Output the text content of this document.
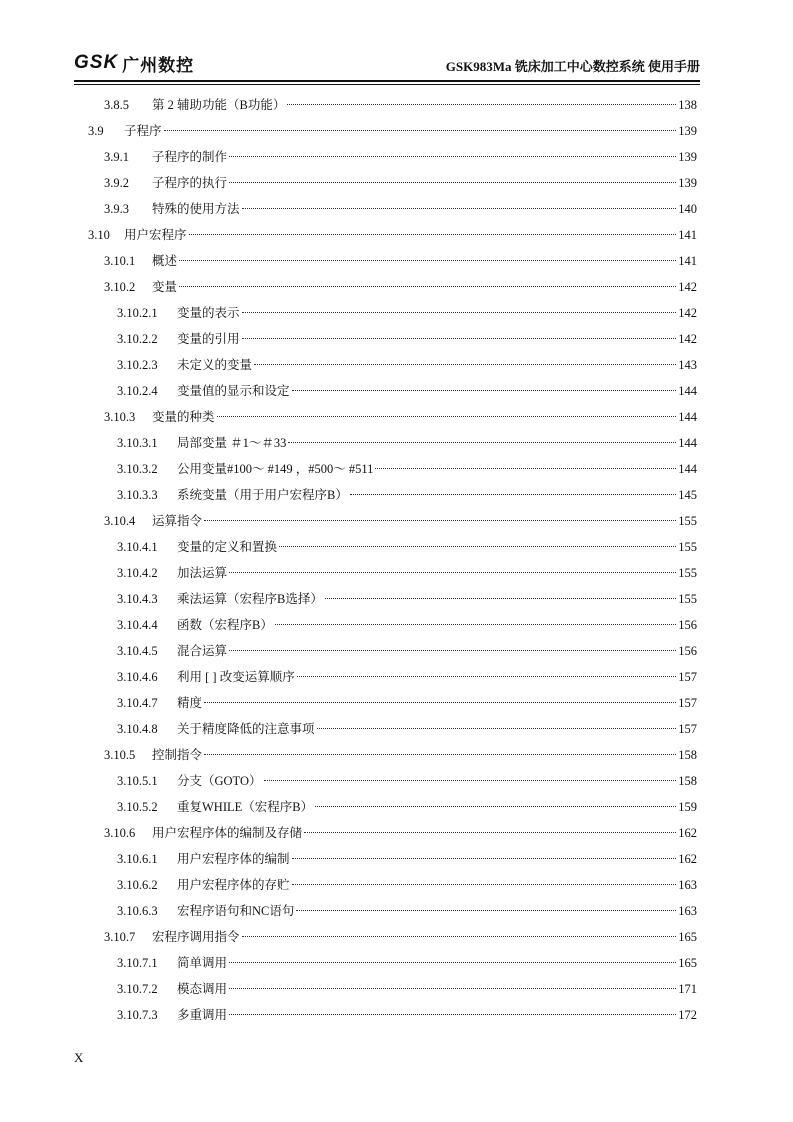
GSK 广州数控	GSK983Ma 铣床加工中心数控系统 使用手册
3.8.5	第 2 辅助功能（B功能）	138
3.9	子程序	139
3.9.1	子程序的制作	139
3.9.2	子程序的执行	139
3.9.3	特殊的使用方法	140
3.10	用户宏程序	141
3.10.1	概述	141
3.10.2	变量	142
3.10.2.1	变量的表示	142
3.10.2.2	变量的引用	142
3.10.2.3	未定义的变量	143
3.10.2.4	变量值的显示和设定	144
3.10.3	变量的种类	144
3.10.3.1	局部变量 ＃1～＃33	144
3.10.3.2	公用变量#100～ #149 ，#500～ #511	144
3.10.3.3	系统变量（用于用户宏程序B）	145
3.10.4	运算指令	155
3.10.4.1	变量的定义和置换	155
3.10.4.2	加法运算	155
3.10.4.3	乘法运算（宏程序B选择）	155
3.10.4.4	函数（宏程序B）	156
3.10.4.5	混合运算	156
3.10.4.6	利用 [ ] 改变运算顺序	157
3.10.4.7	精度	157
3.10.4.8	关于精度降低的注意事项	157
3.10.5	控制指令	158
3.10.5.1	分支（GOTO）	158
3.10.5.2	重复WHILE（宏程序B）	159
3.10.6	用户宏程序体的编制及存储	162
3.10.6.1	用户宏程序体的编制	162
3.10.6.2	用户宏程序体的存贮	163
3.10.6.3	宏程序语句和NC语句	163
3.10.7	宏程序调用指令	165
3.10.7.1	简单调用	165
3.10.7.2	模态调用	171
3.10.7.3	多重调用	172
X
